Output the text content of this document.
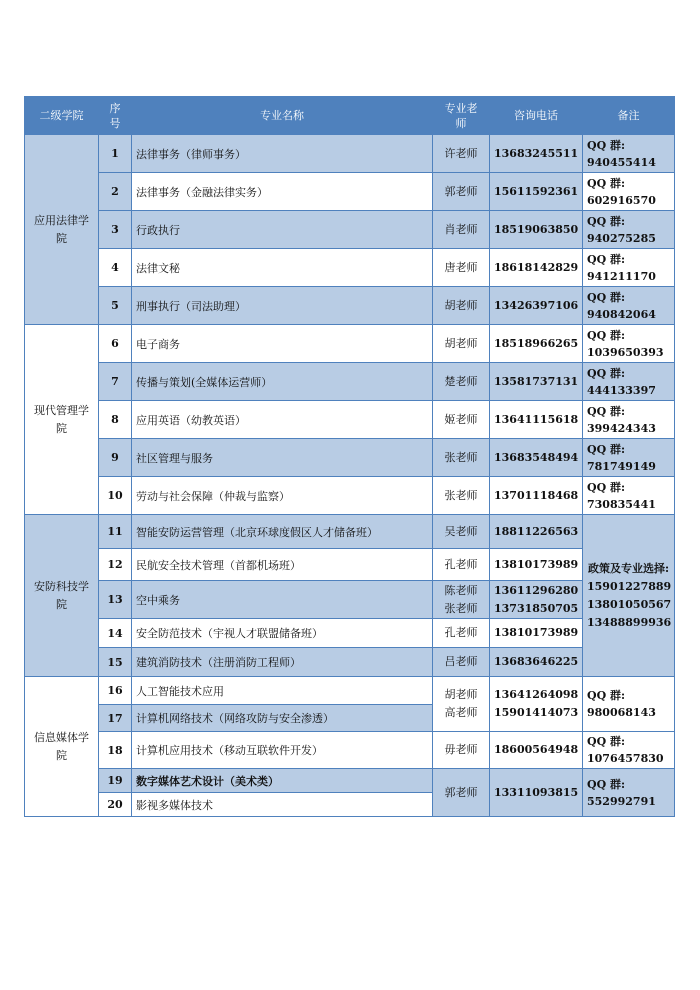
二级学院	序号	专业名称	专业老师	咨询电话	备注
应用法律学院	1	法律事务（律师事务）	许老师	13683245511	QQ 群:
940455414

	2	法律事务（金融法律实务）	郭老师	15611592361	QQ 群:
602916570

	3	行政执行	肖老师	18519063850	QQ 群:
940275285

	4	法律文秘	唐老师	18618142829	QQ 群:
941211170

	5	刑事执行（司法助理）	胡老师	13426397106	QQ 群:
940842064

现代管理学院	6	电子商务	胡老师	18518966265	QQ 群:
1039650393

	7	传播与策划(全媒体运营师）	楚老师	13581737131	QQ 群:
444133397

	8	应用英语（幼教英语）	姬老师	13641115618	QQ 群:
399424343

	9	社区管理与服务	张老师	13683548494	QQ 群:
781749149

	10	劳动与社会保障（仲裁与监察）	张老师	13701118468	QQ 群:
730835441

安防科技学院	11	智能安防运营管理（北京环球度假区人才储备班）	吴老师	18811226563	政策及专业选择:
15901227889
13801050567
13488899936

	12	民航安全技术管理（首都机场班）	孔老师	13810173989	
	13	空中乘务	陈老师
张老师	13611296280
13731850705	

	14	安全防范技术（宇视人才联盟储备班）	孔老师	13810173989	
	15	建筑消防技术（注册消防工程师）	吕老师	13683646225	
信息媒体学院	16	人工智能技术应用	胡老师
高老师	13641264098
15901414073	QQ 群:
980068143

	17	计算机网络技术（网络攻防与安全渗透）			
	18	计算机应用技术（移动互联软件开发）	毋老师	18600564948	QQ 群:
1076457830

	19	数字媒体艺术设计（美术类）	郭老师	13311093815	QQ 群:
552992791

	20	影视多媒体技术			
